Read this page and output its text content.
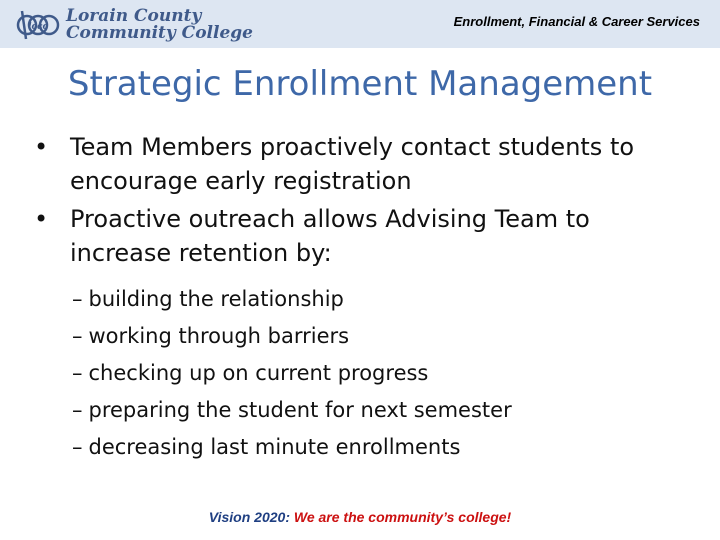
lccc
Lorain County
Community College
Enrollment, Financial & Career Services
Strategic Enrollment Management
• Team Members proactively contact students to encourage early registration
• Proactive outreach allows Advising Team to increase retention by:
– building the relationship
– working through barriers
– checking up on current progress
– preparing the student for next semester
– decreasing last minute enrollments
Vision 2020: We are the community’s college!
